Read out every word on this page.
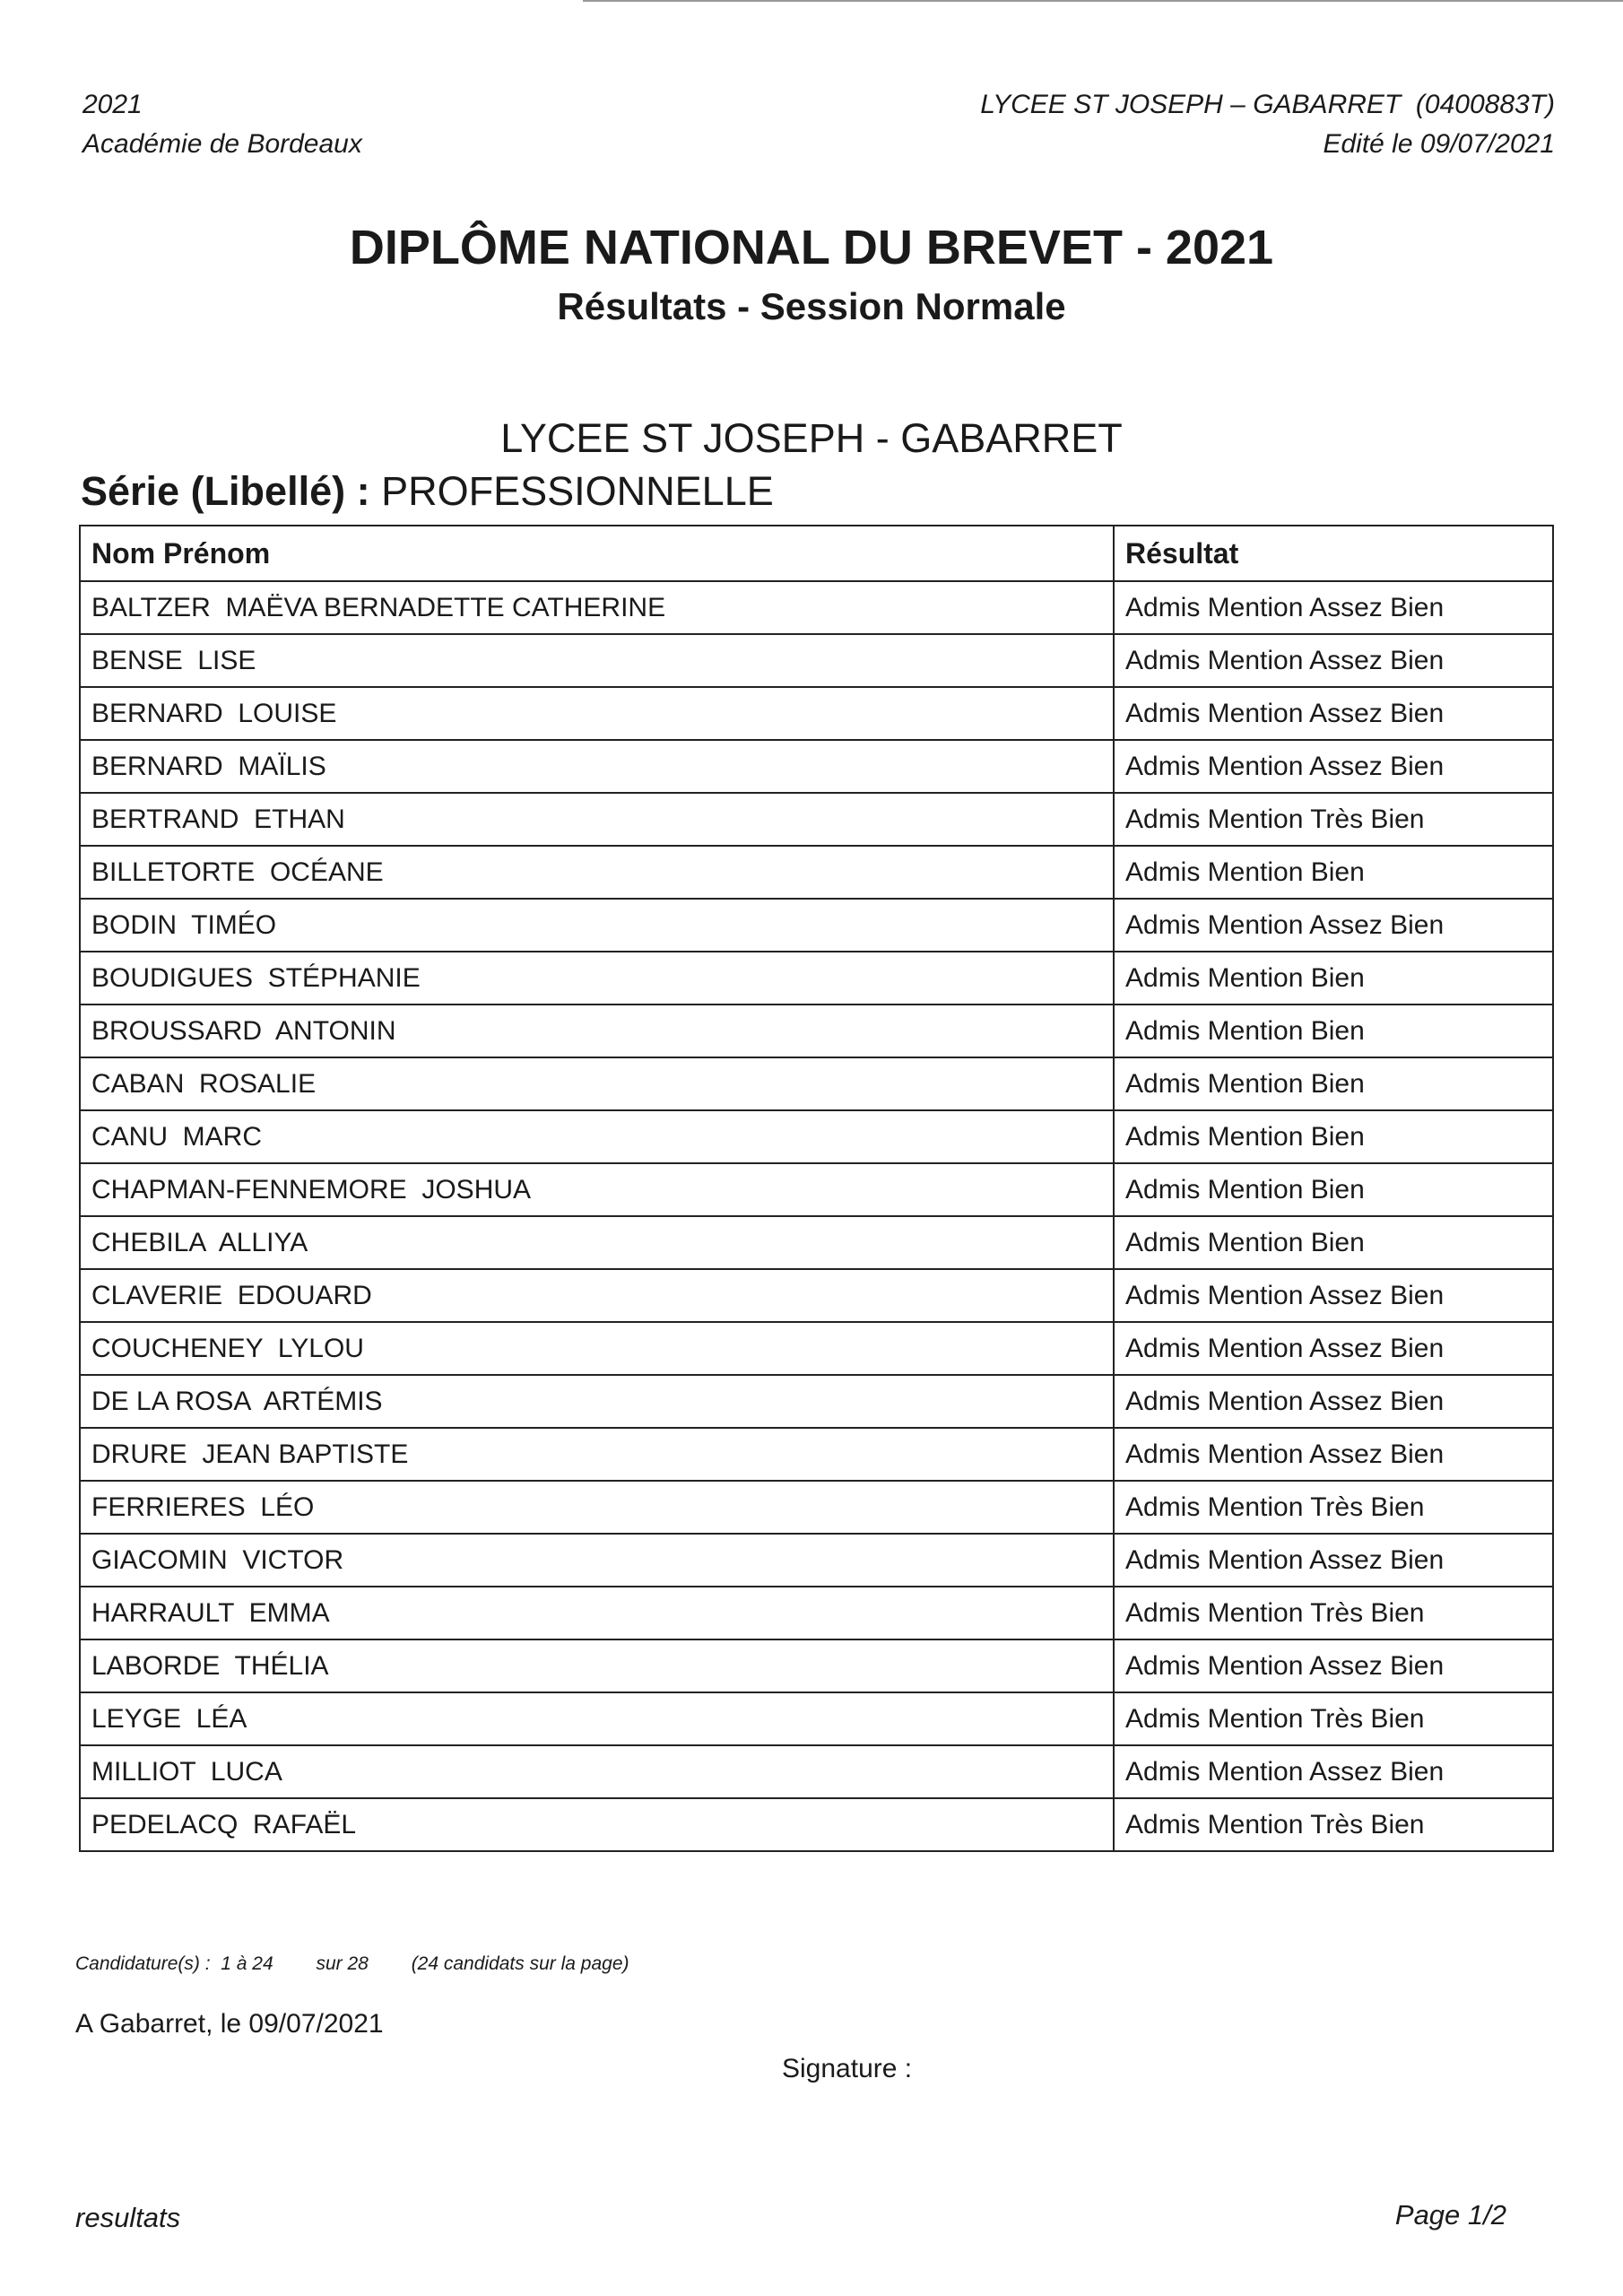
2021
Académie de Bordeaux
LYCEE ST JOSEPH – GABARRET  (0400883T)
Edité le 09/07/2021
DIPLÔME NATIONAL DU BREVET - 2021
Résultats - Session Normale
LYCEE ST JOSEPH - GABARRET
Série (Libellé) : PROFESSIONNELLE
Nom Prénom	Résultat
BALTZER  MAËVA BERNADETTE CATHERINE	Admis Mention Assez Bien
BENSE  LISE	Admis Mention Assez Bien
BERNARD  LOUISE	Admis Mention Assez Bien
BERNARD  MAÏLIS	Admis Mention Assez Bien
BERTRAND  ETHAN	Admis Mention Très Bien
BILLETORTE  OCÉANE	Admis Mention Bien
BODIN  TIMÉO	Admis Mention Assez Bien
BOUDIGUES  STÉPHANIE	Admis Mention Bien
BROUSSARD  ANTONIN	Admis Mention Bien
CABAN  ROSALIE	Admis Mention Bien
CANU  MARC	Admis Mention Bien
CHAPMAN-FENNEMORE  JOSHUA	Admis Mention Bien
CHEBILA  ALLIYA	Admis Mention Bien
CLAVERIE  EDOUARD	Admis Mention Assez Bien
COUCHENEY  LYLOU	Admis Mention Assez Bien
DE LA ROSA  ARTÉMIS	Admis Mention Assez Bien
DRURE  JEAN BAPTISTE	Admis Mention Assez Bien
FERRIERES  LÉO	Admis Mention Très Bien
GIACOMIN  VICTOR	Admis Mention Assez Bien
HARRAULT  EMMA	Admis Mention Très Bien
LABORDE  THÉLIA	Admis Mention Assez Bien
LEYGE  LÉA	Admis Mention Très Bien
MILLIOT  LUCA	Admis Mention Assez Bien
PEDELACQ  RAFAËL	Admis Mention Très Bien
Candidature(s) :  1 à 24 sur 28 (24 candidats sur la page)
A Gabarret, le 09/07/2021
Signature :
resultats	Page 1/2
